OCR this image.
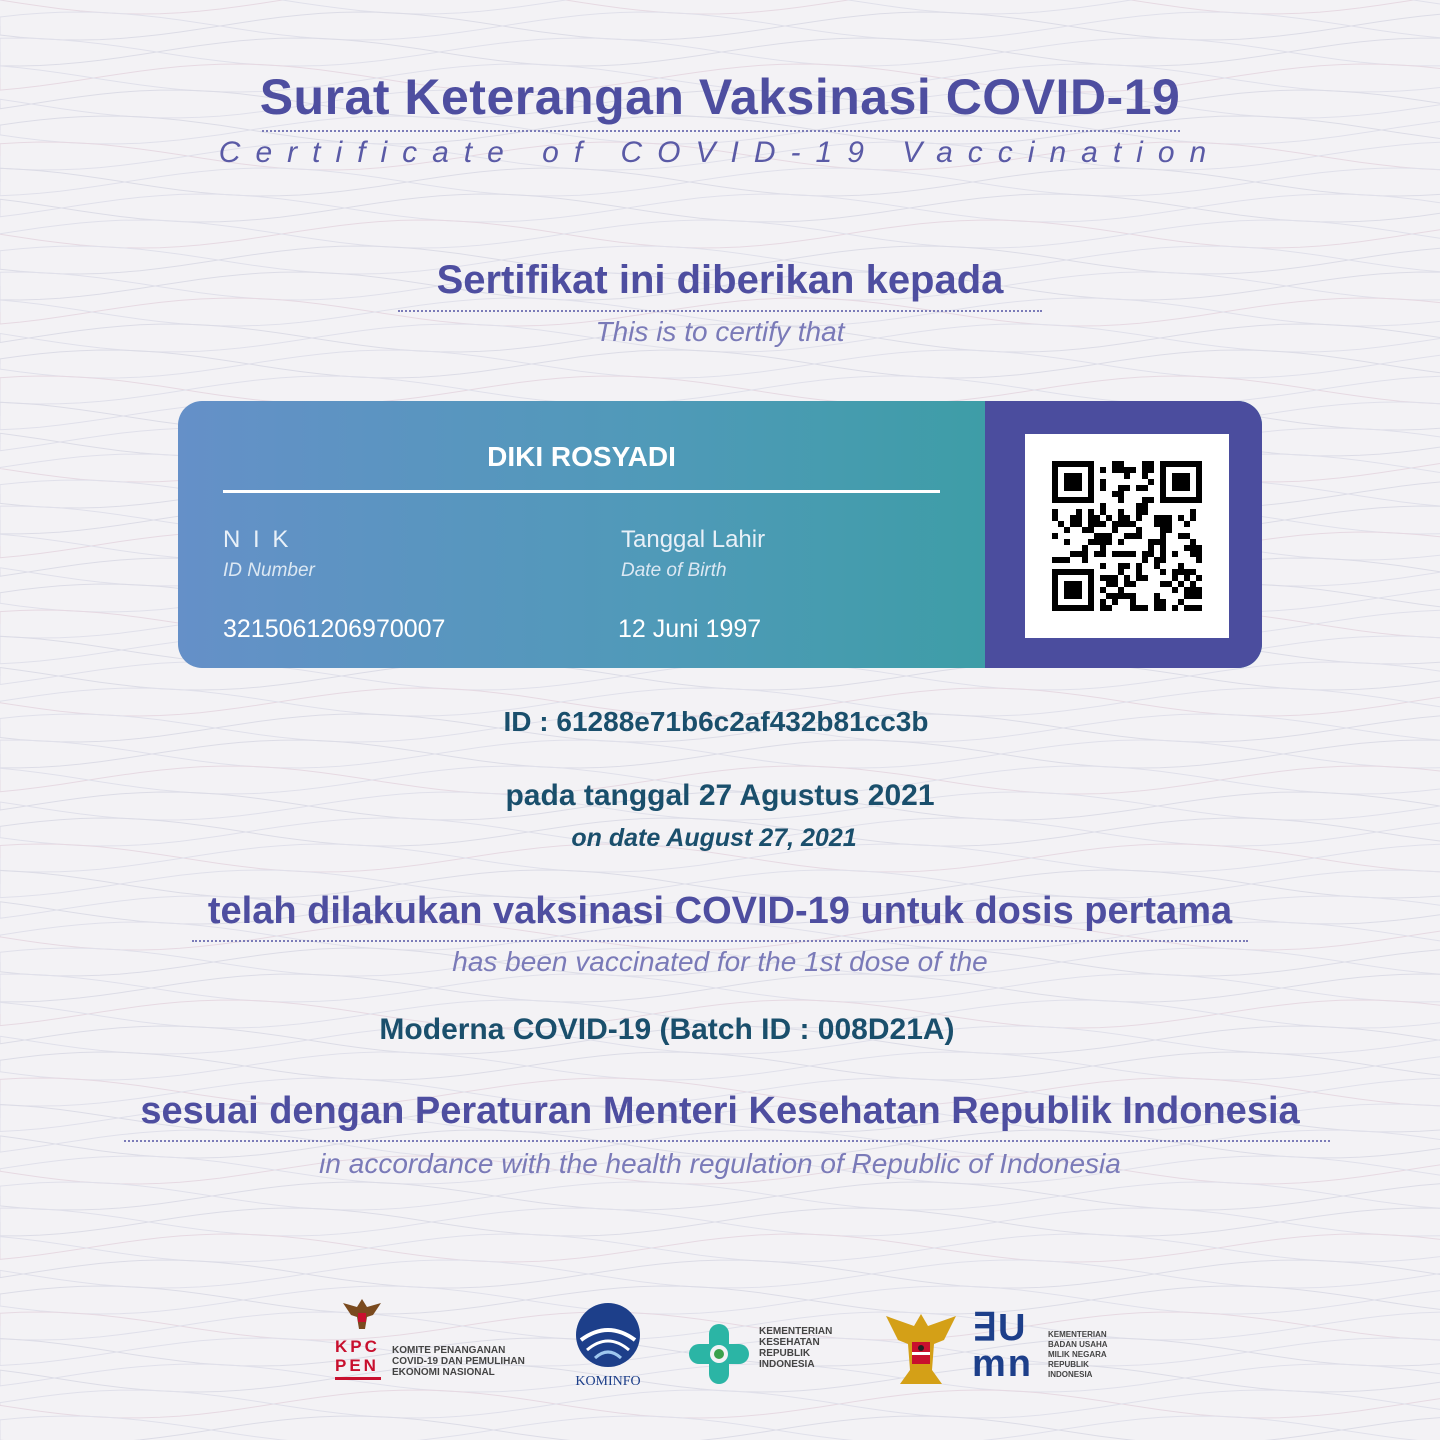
Surat Keterangan Vaksinasi COVID-19
Certificate of COVID-19 Vaccination
Sertifikat ini diberikan kepada
This is to certify that
DIKI ROSYADI
N I K
ID Number
3215061206970007
Tanggal Lahir
Date of Birth
12 Juni 1997
ID : 61288e71b6c2af432b81cc3b
pada tanggal 27 Agustus 2021
on date August 27, 2021
telah dilakukan vaksinasi COVID-19 untuk dosis pertama
has been vaccinated for the 1st dose of the
Moderna COVID-19 (Batch ID : 008D21A)
sesuai dengan Peraturan Menteri Kesehatan Republik Indonesia
in accordance with the health regulation of Republic of Indonesia
KPC
PEN
KOMITE PENANGANAN COVID-19 DAN PEMULIHAN EKONOMI NASIONAL
KOMINFO
KEMENTERIAN KESEHATAN REPUBLIK INDONESIA
∃U
mn
KEMENTERIAN BADAN USAHA MILIK NEGARA REPUBLIK INDONESIA
